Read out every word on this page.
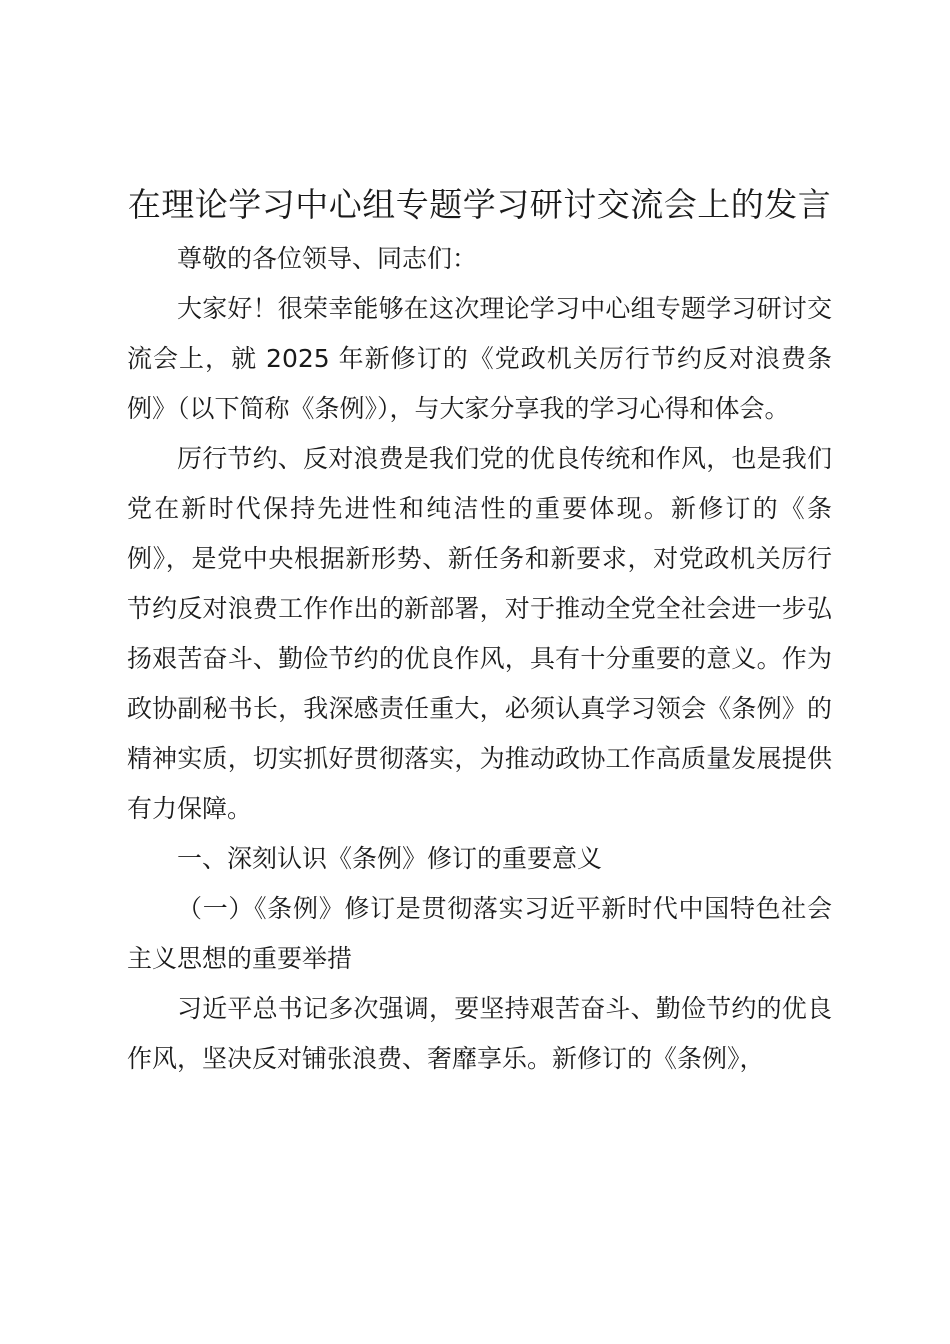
在理论学习中心组专题学习研讨交流会上的发言

尊敬的各位领导、同志们：

大家好！很荣幸能够在这次理论学习中心组专题学习研讨交流会上，就 2025 年新修订的《党政机关厉行节约反对浪费条例》（以下简称《条例》），与大家分享我的学习心得和体会。

厉行节约、反对浪费是我们党的优良传统和作风，也是我们党在新时代保持先进性和纯洁性的重要体现。新修订的《条例》，是党中央根据新形势、新任务和新要求，对党政机关厉行节约反对浪费工作作出的新部署，对于推动全党全社会进一步弘扬艰苦奋斗、勤俭节约的优良作风，具有十分重要的意义。作为政协副秘书长，我深感责任重大，必须认真学习领会《条例》的精神实质，切实抓好贯彻落实，为推动政协工作高质量发展提供有力保障。

一、深刻认识《条例》修订的重要意义

（一）《条例》修订是贯彻落实习近平新时代中国特色社会主义思想的重要举措

习近平总书记多次强调，要坚持艰苦奋斗、勤俭节约的优良作风，坚决反对铺张浪费、奢靡享乐。新修订的《条例》，
